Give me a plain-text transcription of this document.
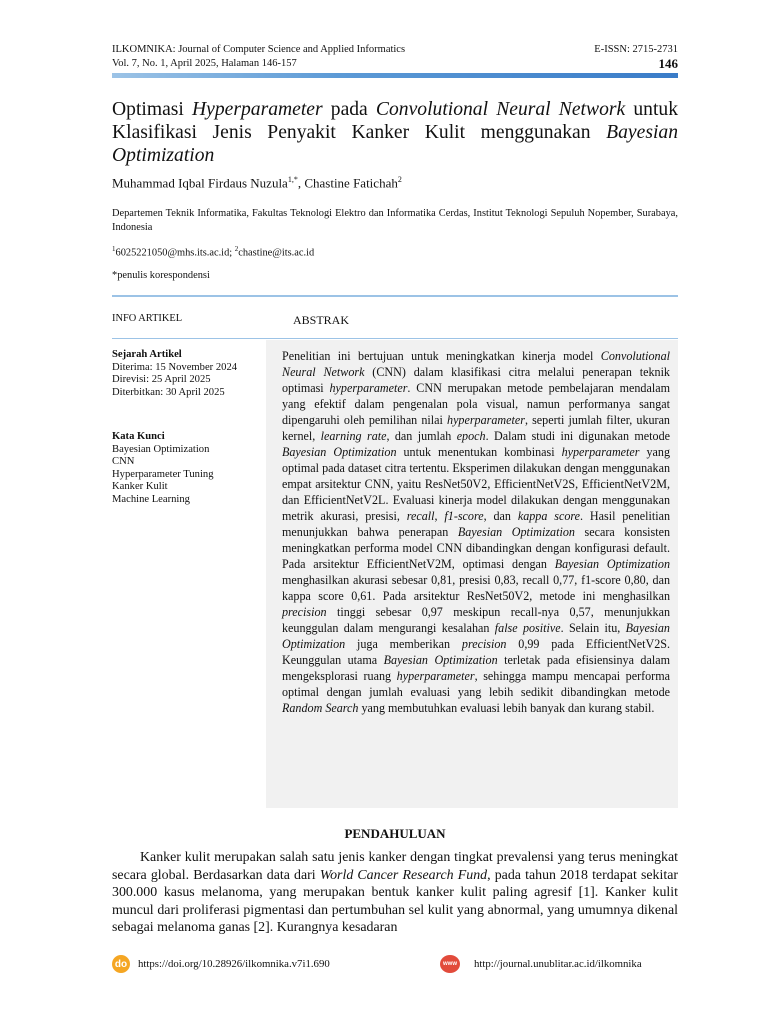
ILKOMNIKA: Journal of Computer Science and Applied Informatics
Vol. 7, No. 1, April 2025, Halaman 146-157
E-ISSN: 2715-2731
146
Optimasi Hyperparameter pada Convolutional Neural Network untuk Klasifikasi Jenis Penyakit Kanker Kulit menggunakan Bayesian Optimization
Muhammad Iqbal Firdaus Nuzula$^{1,*}$, Chastine Fatichah$^2$
Departemen Teknik Informatika, Fakultas Teknologi Elektro dan Informatika Cerdas, Institut Teknologi Sepuluh Nopember, Surabaya, Indonesia
$^1$6025221050@mhs.its.ac.id; $^2$chastine@its.ac.id
*penulis korespondensi
INFO ARTIKEL	ABSTRAK
Sejarah Artikel
Diterima: 15 November 2024
Direvisi: 25 April 2025
Diterbitkan: 30 April 2025
Kata Kunci
Bayesian Optimization
CNN
Hyperparameter Tuning
Kanker Kulit
Machine Learning
Penelitian ini bertujuan untuk meningkatkan kinerja model Convolutional Neural Network (CNN) dalam klasifikasi citra melalui penerapan teknik optimasi hyperparameter. CNN merupakan metode pembelajaran mendalam yang efektif dalam pengenalan pola visual, namun performanya sangat dipengaruhi oleh pemilihan nilai hyperparameter, seperti jumlah filter, ukuran kernel, learning rate, dan jumlah epoch. Dalam studi ini digunakan metode Bayesian Optimization untuk menentukan kombinasi hyperparameter yang optimal pada dataset citra tertentu. Eksperimen dilakukan dengan menggunakan empat arsitektur CNN, yaitu ResNet50V2, EfficientNetV2S, EfficientNetV2M, dan EfficientNetV2L. Evaluasi kinerja model dilakukan dengan menggunakan metrik akurasi, presisi, recall, f1-score, dan kappa score. Hasil penelitian menunjukkan bahwa penerapan Bayesian Optimization secara konsisten meningkatkan performa model CNN dibandingkan dengan konfigurasi default. Pada arsitektur EfficientNetV2M, optimasi dengan Bayesian Optimization menghasilkan akurasi sebesar 0,81, presisi 0,83, recall 0,77, f1-score 0,80, dan kappa score 0,61. Pada arsitektur ResNet50V2, metode ini menghasilkan precision tinggi sebesar 0,97 meskipun recall-nya 0,57, menunjukkan keunggulan dalam mengurangi kesalahan false positive. Selain itu, Bayesian Optimization juga memberikan precision 0,99 pada EfficientNetV2S. Keunggulan utama Bayesian Optimization terletak pada efisiensinya dalam mengeksplorasi ruang hyperparameter, sehingga mampu mencapai performa optimal dengan jumlah evaluasi yang lebih sedikit dibandingkan metode Random Search yang membutuhkan evaluasi lebih banyak dan kurang stabil.
PENDAHULUAN
Kanker kulit merupakan salah satu jenis kanker dengan tingkat prevalensi yang terus meningkat secara global. Berdasarkan data dari World Cancer Research Fund, pada tahun 2018 terdapat sekitar 300.000 kasus melanoma, yang merupakan bentuk kanker kulit paling agresif [1]. Kanker kulit muncul dari proliferasi pigmentasi dan pertumbuhan sel kulit yang abnormal, yang umumnya dikenal sebagai melanoma ganas [2]. Kurangnya kesadaran
do https://doi.org/10.28926/ilkomnika.v7i1.690	www http://journal.unublitar.ac.id/ilkomnika
